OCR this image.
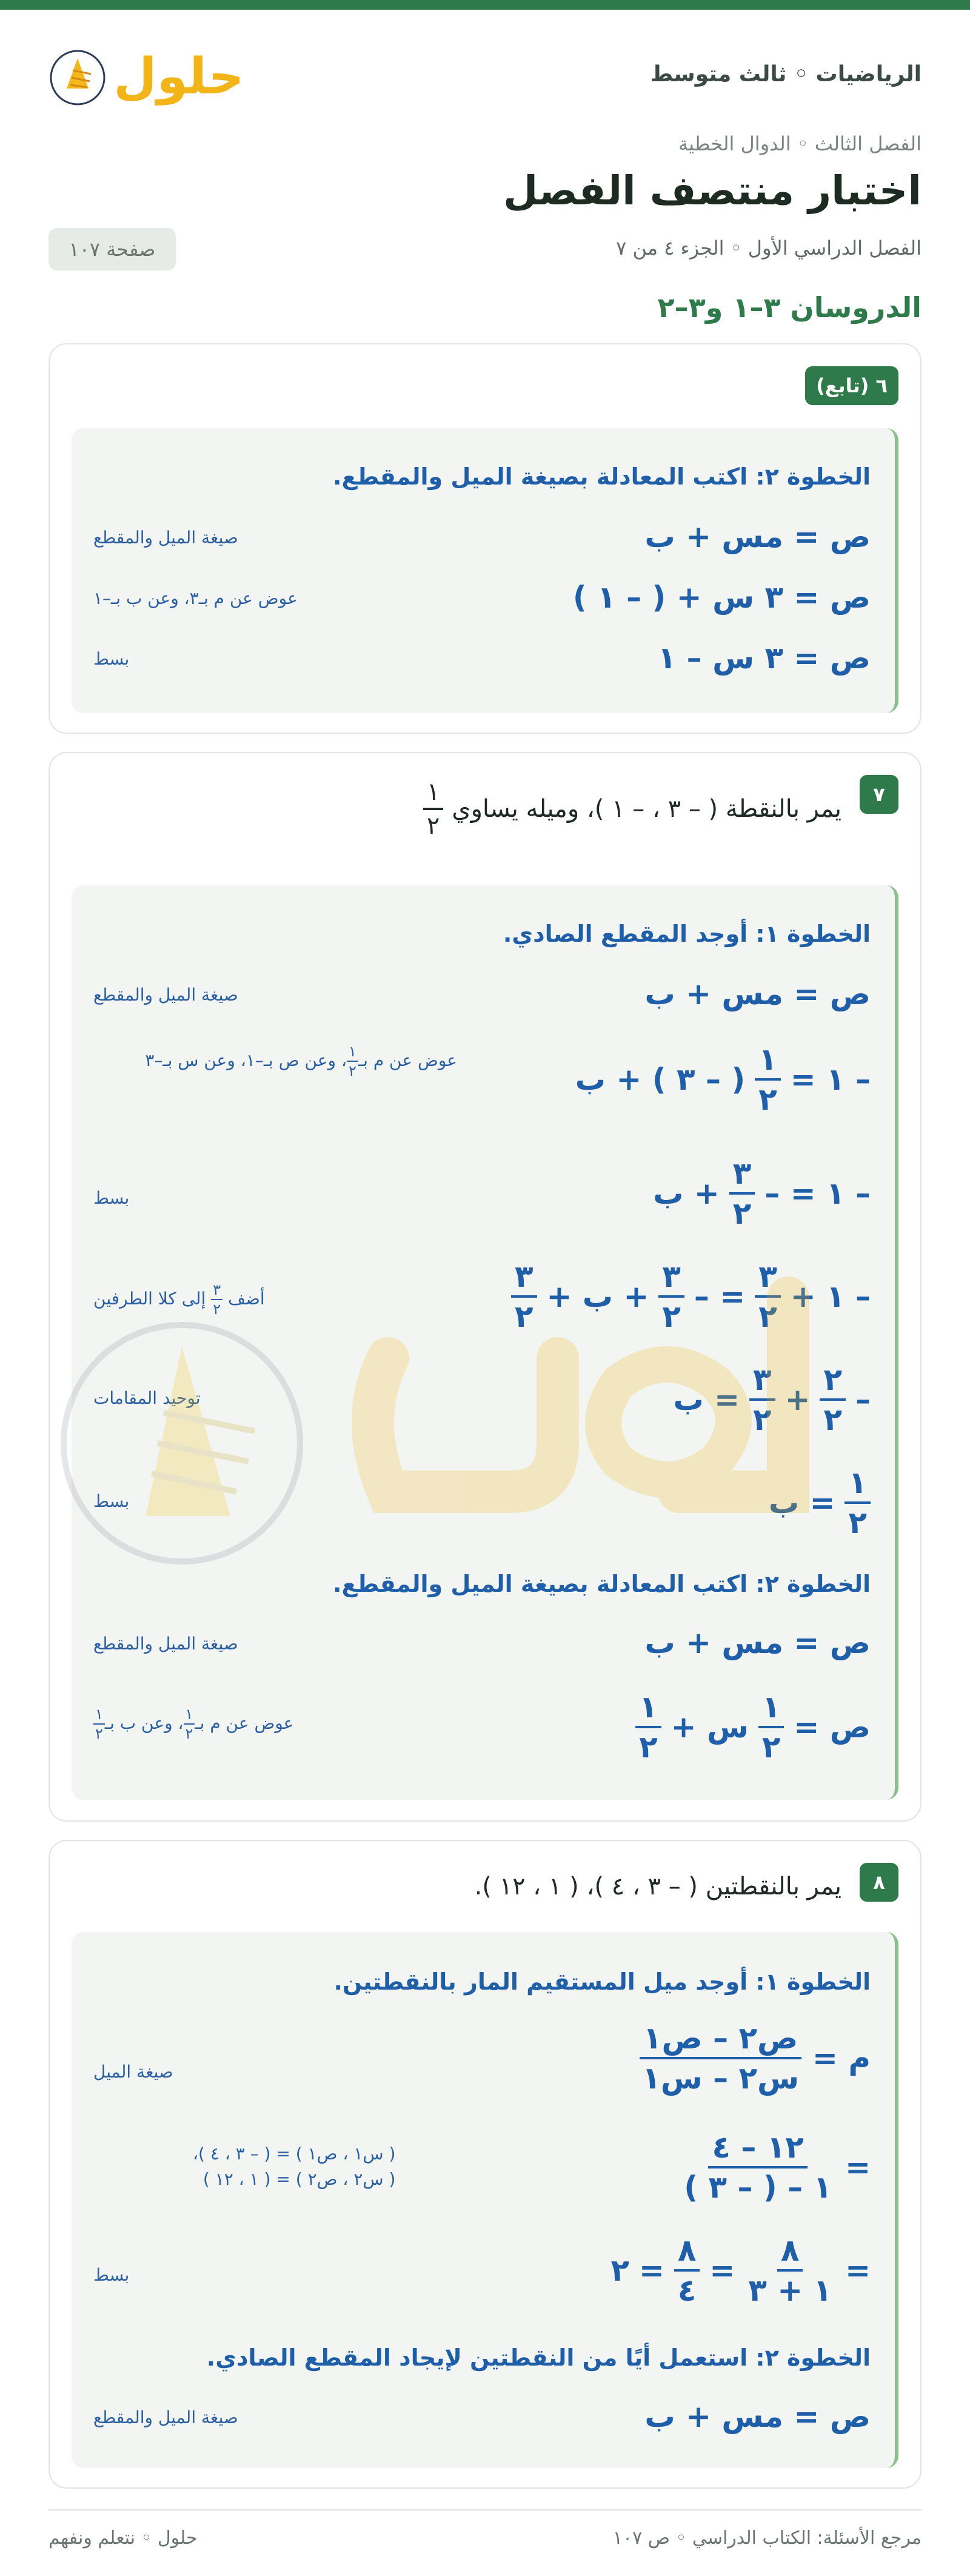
الرياضيات ◦ ثالث متوسط
حلول
الفصل الثالث ◦ الدوال الخطية
اختبار منتصف الفصل
الفصل الدراسي الأول ◦ الجزء ٤ من ٧
صفحة ١٠٧
الدروسان ٣–١ و٣–٢
٦ (تابع)
الخطوة ٢: اكتب المعادلة بصيغة الميل والمقطع.
ص = مس + ب
صيغة الميل والمقطع
ص = ٣ س + ( – ١ )
عوض عن م بـ٣، وعن ب بـ–١
ص = ٣ س – ١
بسط
٧
يمر بالنقطة ( – ٣ ، – ١ )، وميله يساوي
$\frac{١}{٢}$
الخطوة ١: أوجد المقطع الصادي.
ص = مس + ب
صيغة الميل والمقطع
– ١ =
$\frac{١}{٢}$
( – ٣ ) + ب
عوض عن م بـ
$\frac{١}{٢}$
، وعن ص بـ–١، وعن س بـ–٣
– ١ = –
$\frac{٣}{٢}$
+ ب
بسط
– ١ +
$\frac{٣}{٢}$
= –
$\frac{٣}{٢}$
+ ب +
$\frac{٣}{٢}$
أضف
$\frac{٣}{٢}$
إلى كلا الطرفين
–
$\frac{٢}{٢}$
+
$\frac{٣}{٢}$
= ب
توحيد المقامات
$\frac{١}{٢}$
= ب
بسط
الخطوة ٢: اكتب المعادلة بصيغة الميل والمقطع.
ص = مس + ب
صيغة الميل والمقطع
ص =
$\frac{١}{٢}$
س +
$\frac{١}{٢}$
عوض عن م بـ
$\frac{١}{٢}$
، وعن ب بـ
$\frac{١}{٢}$
٨
يمر بالنقطتين ( – ٣ ، ٤ )، ( ١ ، ١٢ ).
الخطوة ١: أوجد ميل المستقيم المار بالنقطتين.
م =
$\frac{\text{ص٢ – ص١}}{\text{س٢ – س١}}$
صيغة الميل
=
$\frac{١٢ - ٤}{١ - ( - ٣ )}$
( س١ ، ص١ ) = ( – ٣ ، ٤ )،
( س٢ ، ص٢ ) = ( ١ ، ١٢ )
=
$\frac{٨}{١ + ٣}$
=
$\frac{٨}{٤}$
=
٢
بسط
الخطوة ٢: استعمل أيًا من النقطتين لإيجاد المقطع الصادي.
ص = مس + ب
صيغة الميل والمقطع
مرجع الأسئلة: الكتاب الدراسي ◦ ص ١٠٧
حلول ◦ نتعلم ونفهم
